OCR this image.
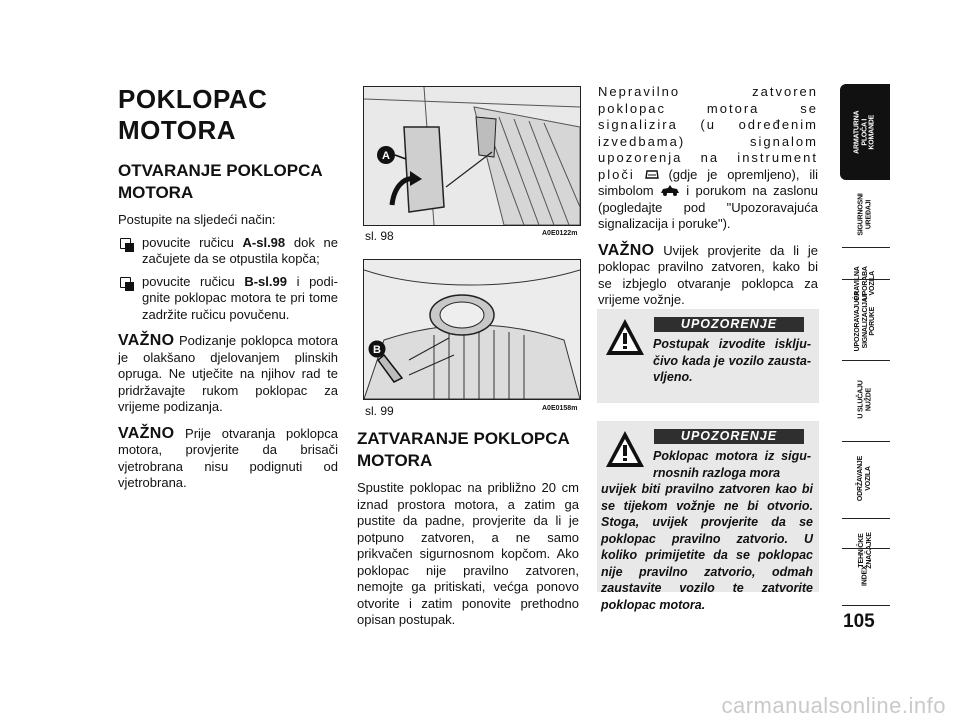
POKLOPAC MOTORA
OTVARANJE POKLOPCA MOTORA

Postupite na sljedeći način:

povucite ručicu A-sl.98 dok ne začujete da se otpustila kopča;
povucite ručicu B-sl.99 i podi- gnite poklopac motora te pri tome zadržite ručicu povučenu.

VAŽNO Podizanje poklopca motora je olakšano djelovanjem plinskih opruga. Ne utječite na njihov rad te pridržavajte rukom poklopac za vrijeme podizanja.

VAŽNO Prije otvaranja poklopca motora, provjerite da brisači vjetrobrana nisu podignuti od vjetrobrana.

A
sl. 98	A0E0122m
B
sl. 99	A0E0158m
ZATVARANJE POKLOPCA MOTORA

Spustite poklopac na približno 20 cm iznad prostora motora, a zatim ga pustite da padne, provjerite da li je potpuno zatvoren, a ne samo prikvačen sigurnosnom kopčom. Ako poklopac nije pravilno zatvoren, nemojte ga pritiskati, većga ponovo otvorite i zatim ponovite prethodno opisan postupak.

Nepravilno zatvoren poklopac motora se signalizira (u određenim izvedbama) signalom upozorenja na instrument ploči	(gdje je opremljeno), ili simbolom	i porukom na zaslonu (pogledajte pod "Upozoravajuća signalizacija i poruke").

VAŽNO Uvijek provjerite da li je poklopac pravilno zatvoren, kako bi se izbjeglo otvaranje poklopca za vrijeme vožnje.

UPOZORENJE
Postupak izvodite isklju- čivo kada je vozilo zausta- vljeno.
UPOZORENJE
Poklopac motora iz sigu- rnosnih razloga mora
uvijek biti pravilno zatvoren kao bi se tijekom vožnje ne bi otvorio. Stoga, uvijek provjerite da se poklopac pravilno zatvorio. U koliko primijetite da se poklopac nije pravilno zatvorio, odmah zaustavite vozilo te zatvorite poklopac motora.
ARMATURNA
PLOČA I
KOMANDE
SIGURNOSNI
UREĐAJI
PRAVILNA
UPORABA
VOZILA
UPOZORAVAJUĆA
SIGNALIZACIJA I
PORUKE
U SLUČAJU
NUŽDE
ODRŽAVANJE
VOZILA
TEHNIČKE
ZNAČAJKE
INDEX
105
carmanualsonline.info
